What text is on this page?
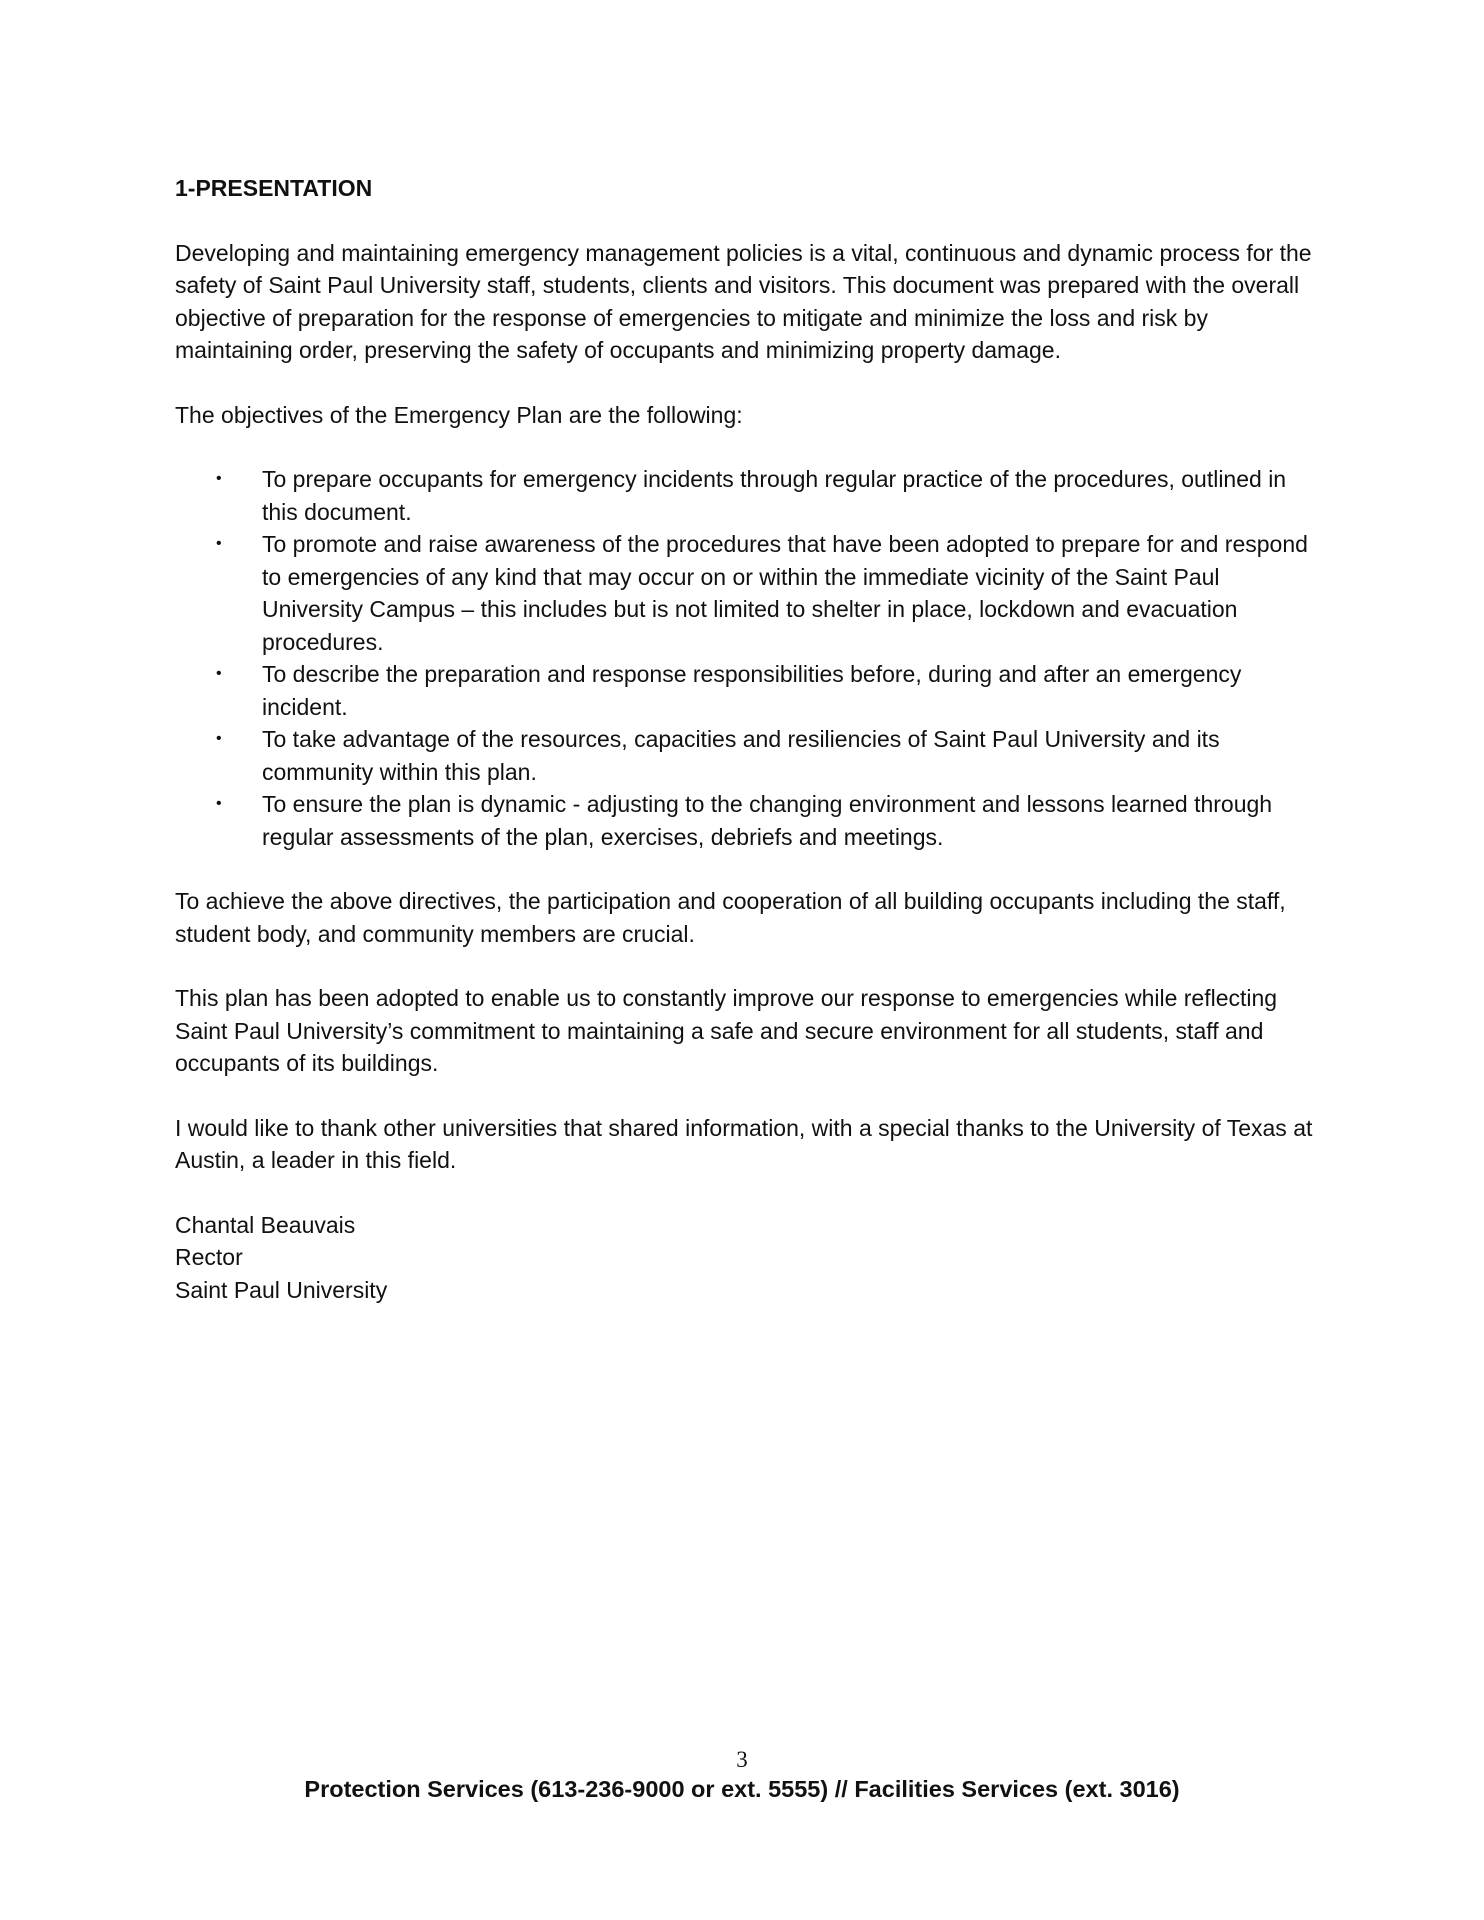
1-PRESENTATION

Developing and maintaining emergency management policies is a vital, continuous and dynamic process for the safety of Saint Paul University staff, students, clients and visitors. This document was prepared with the overall objective of preparation for the response of emergencies to mitigate and minimize the loss and risk by maintaining order, preserving the safety of occupants and minimizing property damage.

The objectives of the Emergency Plan are the following:

• To prepare occupants for emergency incidents through regular practice of the procedures, outlined in this document.
• To promote and raise awareness of the procedures that have been adopted to prepare for and respond to emergencies of any kind that may occur on or within the immediate vicinity of the Saint Paul University Campus – this includes but is not limited to shelter in place, lockdown and evacuation procedures.
• To describe the preparation and response responsibilities before, during and after an emergency incident.
• To take advantage of the resources, capacities and resiliencies of Saint Paul University and its community within this plan.
• To ensure the plan is dynamic - adjusting to the changing environment and lessons learned through regular assessments of the plan, exercises, debriefs and meetings.

To achieve the above directives, the participation and cooperation of all building occupants including the staff, student body, and community members are crucial.

This plan has been adopted to enable us to constantly improve our response to emergencies while reflecting Saint Paul University’s commitment to maintaining a safe and secure environment for all students, staff and occupants of its buildings.

I would like to thank other universities that shared information, with a special thanks to the University of Texas at Austin, a leader in this field.

Chantal Beauvais
Rector
Saint Paul University
3
Protection Services (613-236-9000 or ext. 5555) // Facilities Services (ext. 3016)
